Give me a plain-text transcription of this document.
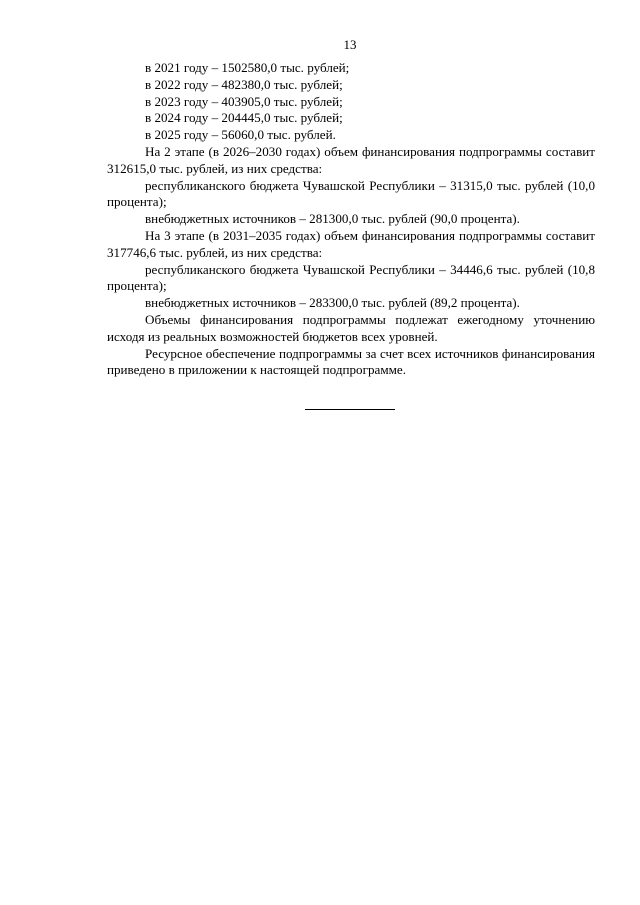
13

в 2021 году – 1502580,0 тыс. рублей;

в 2022 году – 482380,0 тыс. рублей;

в 2023 году – 403905,0 тыс. рублей;

в 2024 году – 204445,0 тыс. рублей;

в 2025 году – 56060,0 тыс. рублей.

На 2 этапе (в 2026–2030 годах) объем финансирования подпрограммы составит 312615,0 тыс. рублей, из них средства:

республиканского бюджета Чувашской Республики – 31315,0 тыс. рублей (10,0 процента);

внебюджетных источников – 281300,0 тыс. рублей (90,0 процента).

На 3 этапе (в 2031–2035 годах) объем финансирования подпрограммы составит 317746,6 тыс. рублей, из них средства:

республиканского бюджета Чувашской Республики – 34446,6 тыс. рублей (10,8 процента);

внебюджетных источников – 283300,0 тыс. рублей (89,2 процента).

Объемы финансирования подпрограммы подлежат ежегодному уточнению исходя из реальных возможностей бюджетов всех уровней.

Ресурсное обеспечение подпрограммы за счет всех источников финансирования приведено в приложении к настоящей подпрограмме.
